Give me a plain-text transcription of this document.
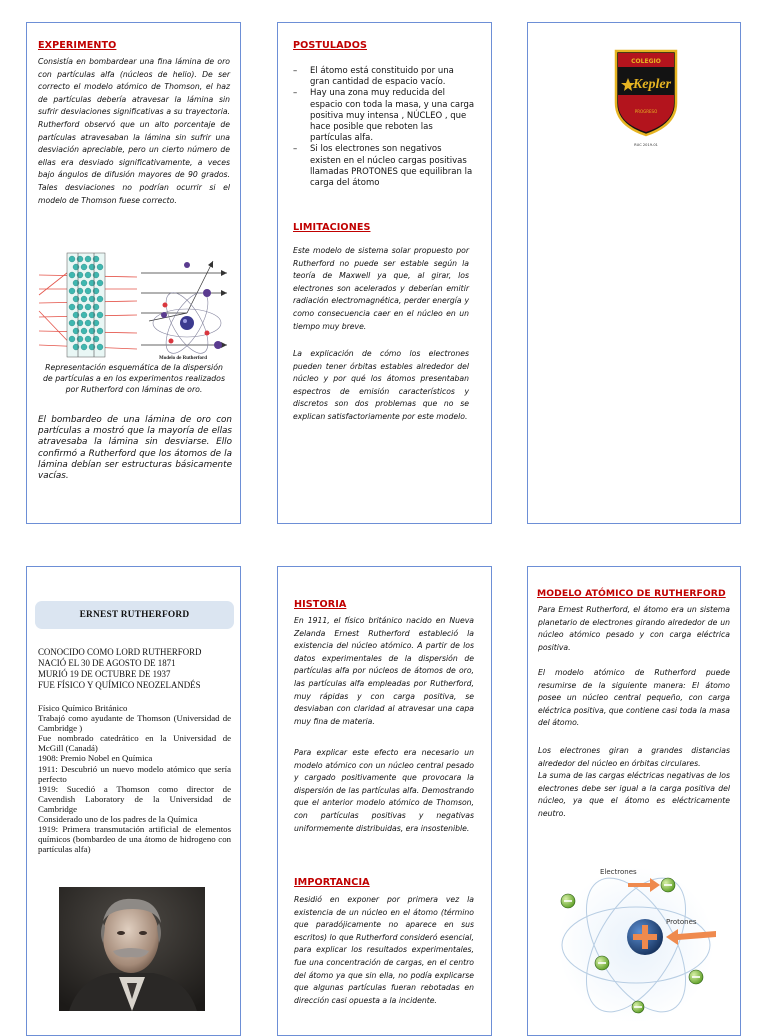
EXPERIMENTO
Consistía en bombardear una fina lámina de oro con partículas alfa (núcleos de helio). De ser correcto el modelo atómico de Thomson, el haz de partículas debería atravesar la lámina sin sufrir desviaciones significativas a su trayectoria. Rutherford observó que un alto porcentaje de partículas atravesaban la lámina sin sufrir una desviación apreciable, pero un cierto número de ellas era desviado significativamente, a veces bajo ángulos de difusión mayores de 90 grados. Tales desviaciones no podrían ocurrir si el modelo de Thomson fuese correcto.
Modelo de Rutherford
Representación esquemática de la dispersión de partículas a en los experimentos realizados por Rutherford con láminas de oro.
El bombardeo de una lámina de oro con partículas a mostró que la mayoría de ellas atravesaba la lámina sin desviarse. Ello confirmó a Rutherford que los átomos de la lámina debían ser estructuras básicamente vacías.
POSTULADOS
– El átomo está constituido por una gran cantidad de espacio vacío.
– Hay una zona muy reducida del espacio con toda la masa, y una carga positiva muy intensa , NÚCLEO , que hace posible que reboten las partículas alfa.
– Si los electrones son negativos existen en el núcleo cargas positivas llamadas PROTONES que equilibran la carga del átomo
LIMITACIONES
Este modelo de sistema solar propuesto por Rutherford no puede ser estable según la teoría de Maxwell ya que, al girar, los electrones son acelerados y deberían emitir radiación electromagnética, perder energía y como consecuencia caer en el núcleo en un tiempo muy breve.
La explicación de cómo los electrones pueden tener órbitas estables alrededor del núcleo y por qué los átomos presentaban espectros de emisión característicos y discretos son dos problemas que no se explican satisfactoriamente por este modelo.
COLEGIO
Kepler
PROGRESO
RUC 2019-01
ERNEST RUTHERFORD
CONOCIDO COMO LORD RUTHERFORD
NACIÓ EL 30 DE AGOSTO DE 1871
MURIÓ 19 DE OCTUBRE DE 1937
FUE FÍSICO Y QUÍMICO NEOZELANDÉS
Físico Químico Británico
Trabajó como ayudante de Thomson (Universidad de Cambridge )
Fue nombrado catedrático en la Universidad de McGill (Canadá)
1908: Premio Nobel en Química
1911: Descubrió un nuevo modelo atómico que sería perfecto
1919: Sucedió a Thomson como director de Cavendish Laboratory de la Universidad de Cambridge
Considerado uno de los padres de la Química
1919: Primera transmutación artificial de elementos químicos (bombardeo de una átomo de hidrogeno con partículas alfa)
HISTORIA
En 1911, el físico británico nacido en Nueva Zelanda Ernest Rutherford estableció la existencia del núcleo atómico. A partir de los datos experimentales de la dispersión de partículas alfa por núcleos de átomos de oro, las partículas alfa empleadas por Rutherford, muy rápidas y con carga positiva, se desviaban con claridad al atravesar una capa muy fina de materia.
Para explicar este efecto era necesario un modelo atómico con un núcleo central pesado y cargado positivamente que provocara la dispersión de las partículas alfa. Demostrando que el anterior modelo atómico de Thomson, con partículas positivas y negativas uniformemente distribuidas, era insostenible.
IMPORTANCIA
Residió en exponer por primera vez la existencia de un núcleo en el átomo (término que paradójicamente no aparece en sus escritos) lo que Rutherford consideró esencial, para explicar los resultados experimentales, fue una concentración de cargas, en el centro del átomo ya que sin ella, no podía explicarse que algunas partículas fueran rebotadas en dirección casi opuesta a la incidente.
MODELO ATÓMICO DE RUTHERFORD
Para Ernest Rutherford, el átomo era un sistema planetario de electrones girando alrededor de un núcleo atómico pesado y con carga eléctrica positiva.
El modelo atómico de Rutherford puede resumirse de la siguiente manera: El átomo posee un núcleo central pequeño, con carga eléctrica positiva, que contiene casi toda la masa del átomo.
Los electrones giran a grandes distancias alrededor del núcleo en órbitas circulares.
La suma de las cargas eléctricas negativas de los electrones debe ser igual a la carga positiva del núcleo, ya que el átomo es eléctricamente neutro.
Electrones
Protones
